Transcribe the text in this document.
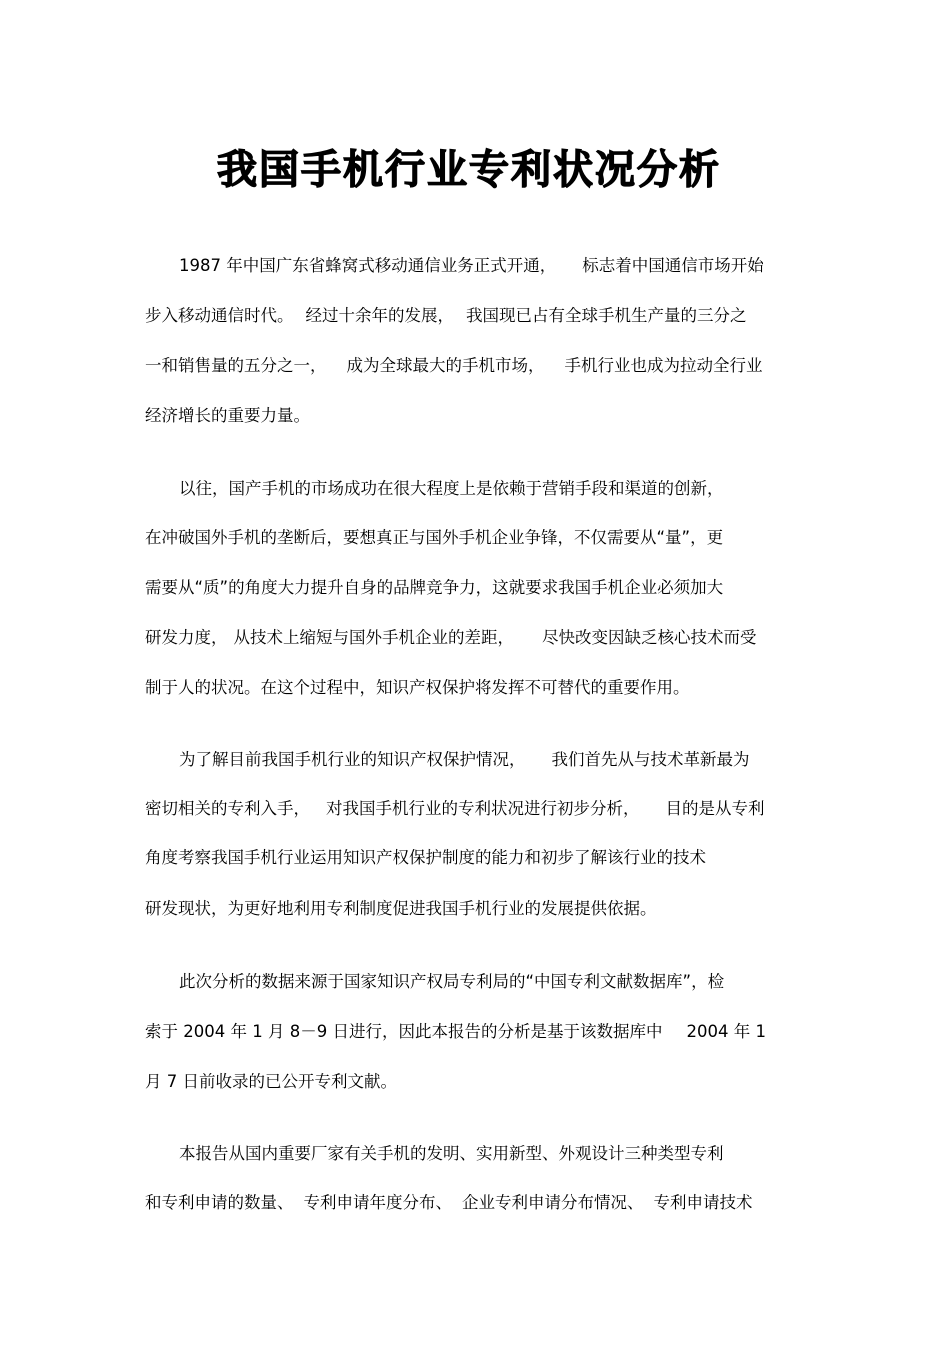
我国手机行业专利状况分析
1987 年中国广东省蜂窝式移动通信业务正式开通， 标志着中国通信市场开始
步入移动通信时代。 经过十余年的发展， 我国现已占有全球手机生产量的三分之
一和销售量的五分之一， 成为全球最大的手机市场， 手机行业也成为拉动全行业
经济增长的重要力量。
以往，国产手机的市场成功在很大程度上是依赖于营销手段和渠道的创新，
在冲破国外手机的垄断后，要想真正与国外手机企业争锋，不仅需要从“量”，更
需要从“质”的角度大力提升自身的品牌竞争力，这就要求我国手机企业必须加大
研发力度， 从技术上缩短与国外手机企业的差距， 尽快改变因缺乏核心技术而受
制于人的状况。在这个过程中，知识产权保护将发挥不可替代的重要作用。
为了解目前我国手机行业的知识产权保护情况， 我们首先从与技术革新最为
密切相关的专利入手， 对我国手机行业的专利状况进行初步分析， 目的是从专利
角度考察我国手机行业运用知识产权保护制度的能力和初步了解该行业的技术
研发现状，为更好地利用专利制度促进我国手机行业的发展提供依据。
此次分析的数据来源于国家知识产权局专利局的“中国专利文献数据库”，检
索于 2004 年 1 月 8－9 日进行，因此本报告的分析是基于该数据库中 2004 年 1
月 7 日前收录的已公开专利文献。
本报告从国内重要厂家有关手机的发明、实用新型、外观设计三种类型专利
和专利申请的数量、 专利申请年度分布、 企业专利申请分布情况、 专利申请技术
